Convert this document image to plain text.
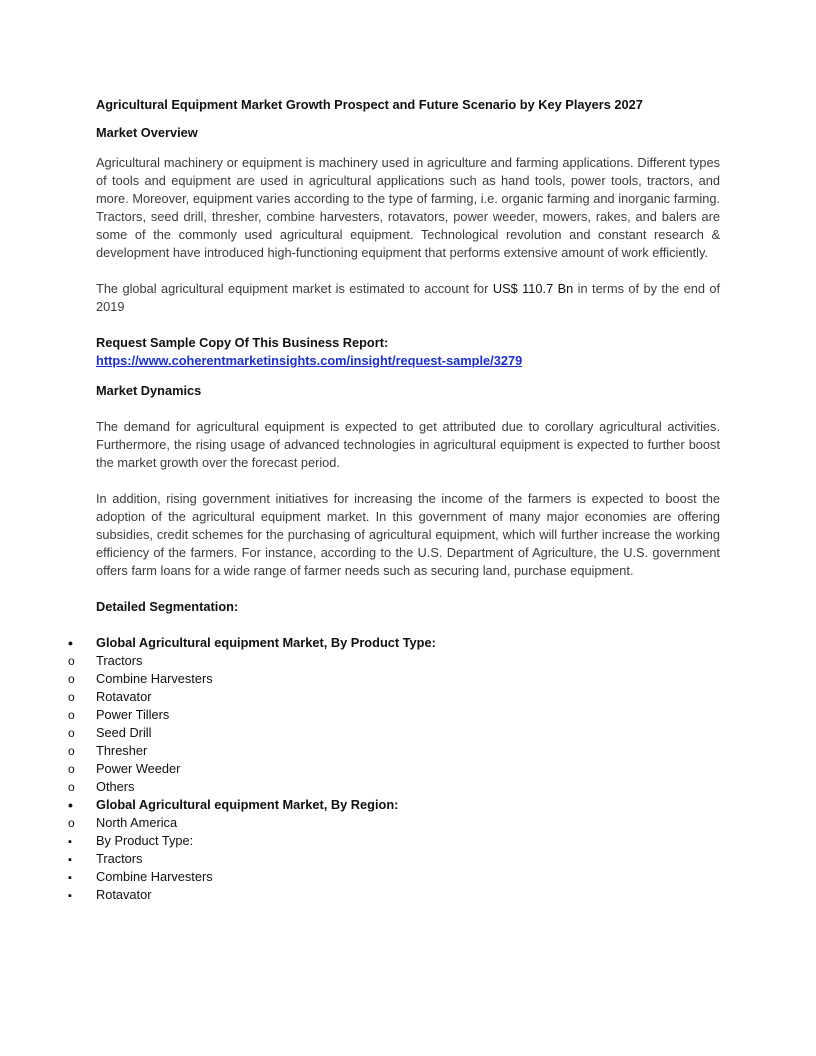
Agricultural Equipment Market Growth Prospect and Future Scenario by Key Players 2027

Market Overview

Agricultural machinery or equipment is machinery used in agriculture and farming applications. Different types of tools and equipment are used in agricultural applications such as hand tools, power tools, tractors, and more. Moreover, equipment varies according to the type of farming, i.e. organic farming and inorganic farming. Tractors, seed drill, thresher, combine harvesters, rotavators, power weeder, mowers, rakes, and balers are some of the commonly used agricultural equipment. Technological revolution and constant research & development have introduced high-functioning equipment that performs extensive amount of work efficiently.

The global agricultural equipment market is estimated to account for US$ 110.7 Bn in terms of by the end of 2019

Request Sample Copy Of This Business Report:
https://www.coherentmarketinsights.com/insight/request-sample/3279

Market Dynamics

The demand for agricultural equipment is expected to get attributed due to corollary agricultural activities. Furthermore, the rising usage of advanced technologies in agricultural equipment is expected to further boost the market growth over the forecast period.

In addition, rising government initiatives for increasing the income of the farmers is expected to boost the adoption of the agricultural equipment market. In this government of many major economies are offering subsidies, credit schemes for the purchasing of agricultural equipment, which will further increase the working efficiency of the farmers. For instance, according to the U.S. Department of Agriculture, the U.S. government offers farm loans for a wide range of farmer needs such as securing land, purchase equipment.

Detailed Segmentation:

•
Global Agricultural equipment Market, By Product Type:
o
Tractors
o
Combine Harvesters
o
Rotavator
o
Power Tillers
o
Seed Drill
o
Thresher
o
Power Weeder
o
Others
•
Global Agricultural equipment Market, By Region:
o
North America
▪
By Product Type:
▪
Tractors
▪
Combine Harvesters
▪
Rotavator
